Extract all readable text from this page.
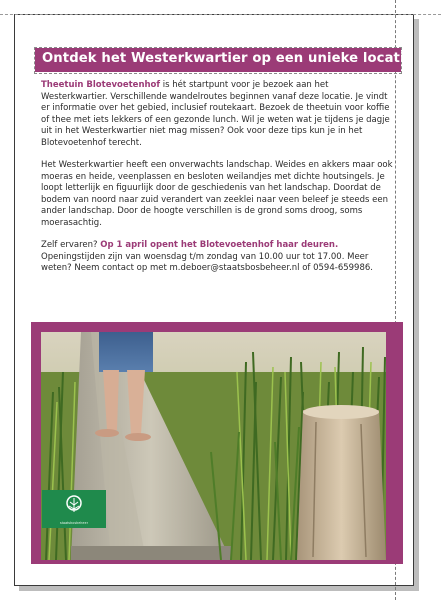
Ontdek het Westerkwartier op een unieke locatie

Theetuin Blotevoetenhof is hét startpunt voor je bezoek aan het Westerkwartier. Verschillende wandelroutes beginnen vanaf deze locatie. Je vindt er informatie over het gebied, inclusief routekaart. Bezoek de theetuin voor koffie of thee met iets lekkers of een gezonde lunch. Wil je weten wat je tijdens je dagje uit in het Westerkwartier niet mag missen? Ook voor deze tips kun je in het Blotevoetenhof terecht.

Het Westerkwartier heeft een onverwachts landschap. Weides en akkers maar ook moeras en heide, veenplassen en besloten weilandjes met dichte houtsingels. Je loopt letterlijk en figuurlijk door de geschiedenis van het landschap. Doordat de bodem van noord naar zuid verandert van zeeklei naar veen beleef je steeds een ander landschap. Door de hoogte verschillen is de grond soms droog, soms moerasachtig.

Zelf ervaren? Op 1 april opent het Blotevoetenhof haar deuren. Openingstijden zijn van woensdag t/m zondag van 10.00 uur tot 17.00. Meer weten? Neem contact op met m.deboer@staatsbosbeheer.nl of 0594-659986.

staatsbosbeheer
